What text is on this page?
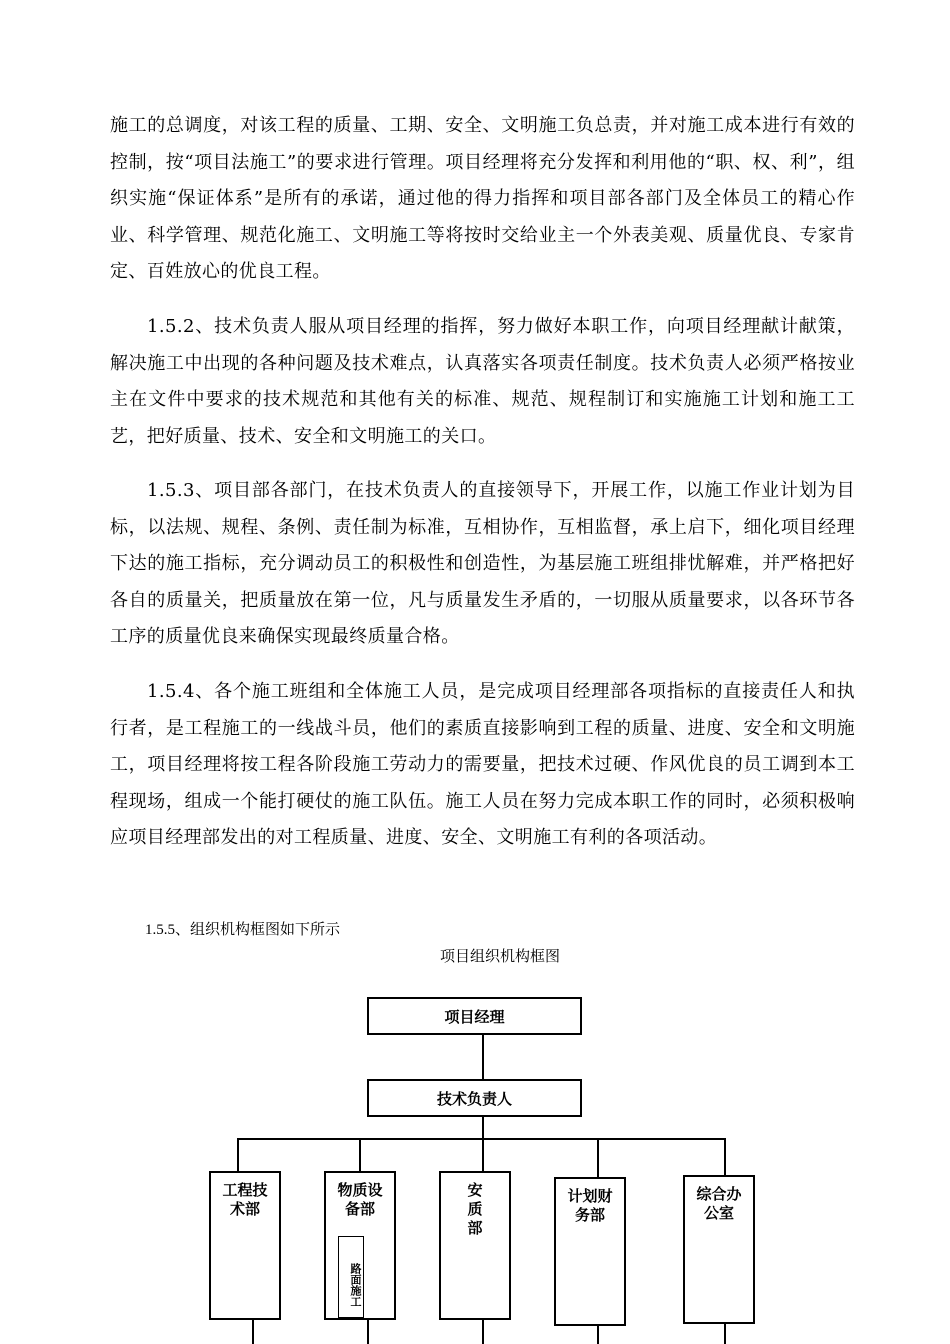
施工的总调度，对该工程的质量、工期、安全、文明施工负总责，并对施工成本进行有效的控制，按“项目法施工”的要求进行管理。项目经理将充分发挥和利用他的“职、权、利”，组织实施“保证体系”是所有的承诺，通过他的得力指挥和项目部各部门及全体员工的精心作业、科学管理、规范化施工、文明施工等将按时交给业主一个外表美观、质量优良、专家肯定、百姓放心的优良工程。

1.5.2、技术负责人服从项目经理的指挥，努力做好本职工作，向项目经理献计献策，解决施工中出现的各种问题及技术难点，认真落实各项责任制度。技术负责人必须严格按业主在文件中要求的技术规范和其他有关的标准、规范、规程制订和实施施工计划和施工工艺，把好质量、技术、安全和文明施工的关口。

1.5.3、项目部各部门，在技术负责人的直接领导下，开展工作，以施工作业计划为目标，以法规、规程、条例、责任制为标准，互相协作，互相监督，承上启下，细化项目经理下达的施工指标，充分调动员工的积极性和创造性，为基层施工班组排忧解难，并严格把好各自的质量关，把质量放在第一位，凡与质量发生矛盾的，一切服从质量要求，以各环节各工序的质量优良来确保实现最终质量合格。

1.5.4、各个施工班组和全体施工人员，是完成项目经理部各项指标的直接责任人和执行者，是工程施工的一线战斗员，他们的素质直接影响到工程的质量、进度、安全和文明施工，项目经理将按工程各阶段施工劳动力的需要量，把技术过硬、作风优良的员工调到本工程现场，组成一个能打硬仗的施工队伍。施工人员在努力完成本职工作的同时，必须积极响应项目经理部发出的对工程质量、进度、安全、文明施工有利的各项活动。

1.5.5、组织机构框图如下所示
项目组织机构框图
项目经理
技术负责人
工程技术部
物质设备部
路面施工
安质部
计划财务部
综合办公室
